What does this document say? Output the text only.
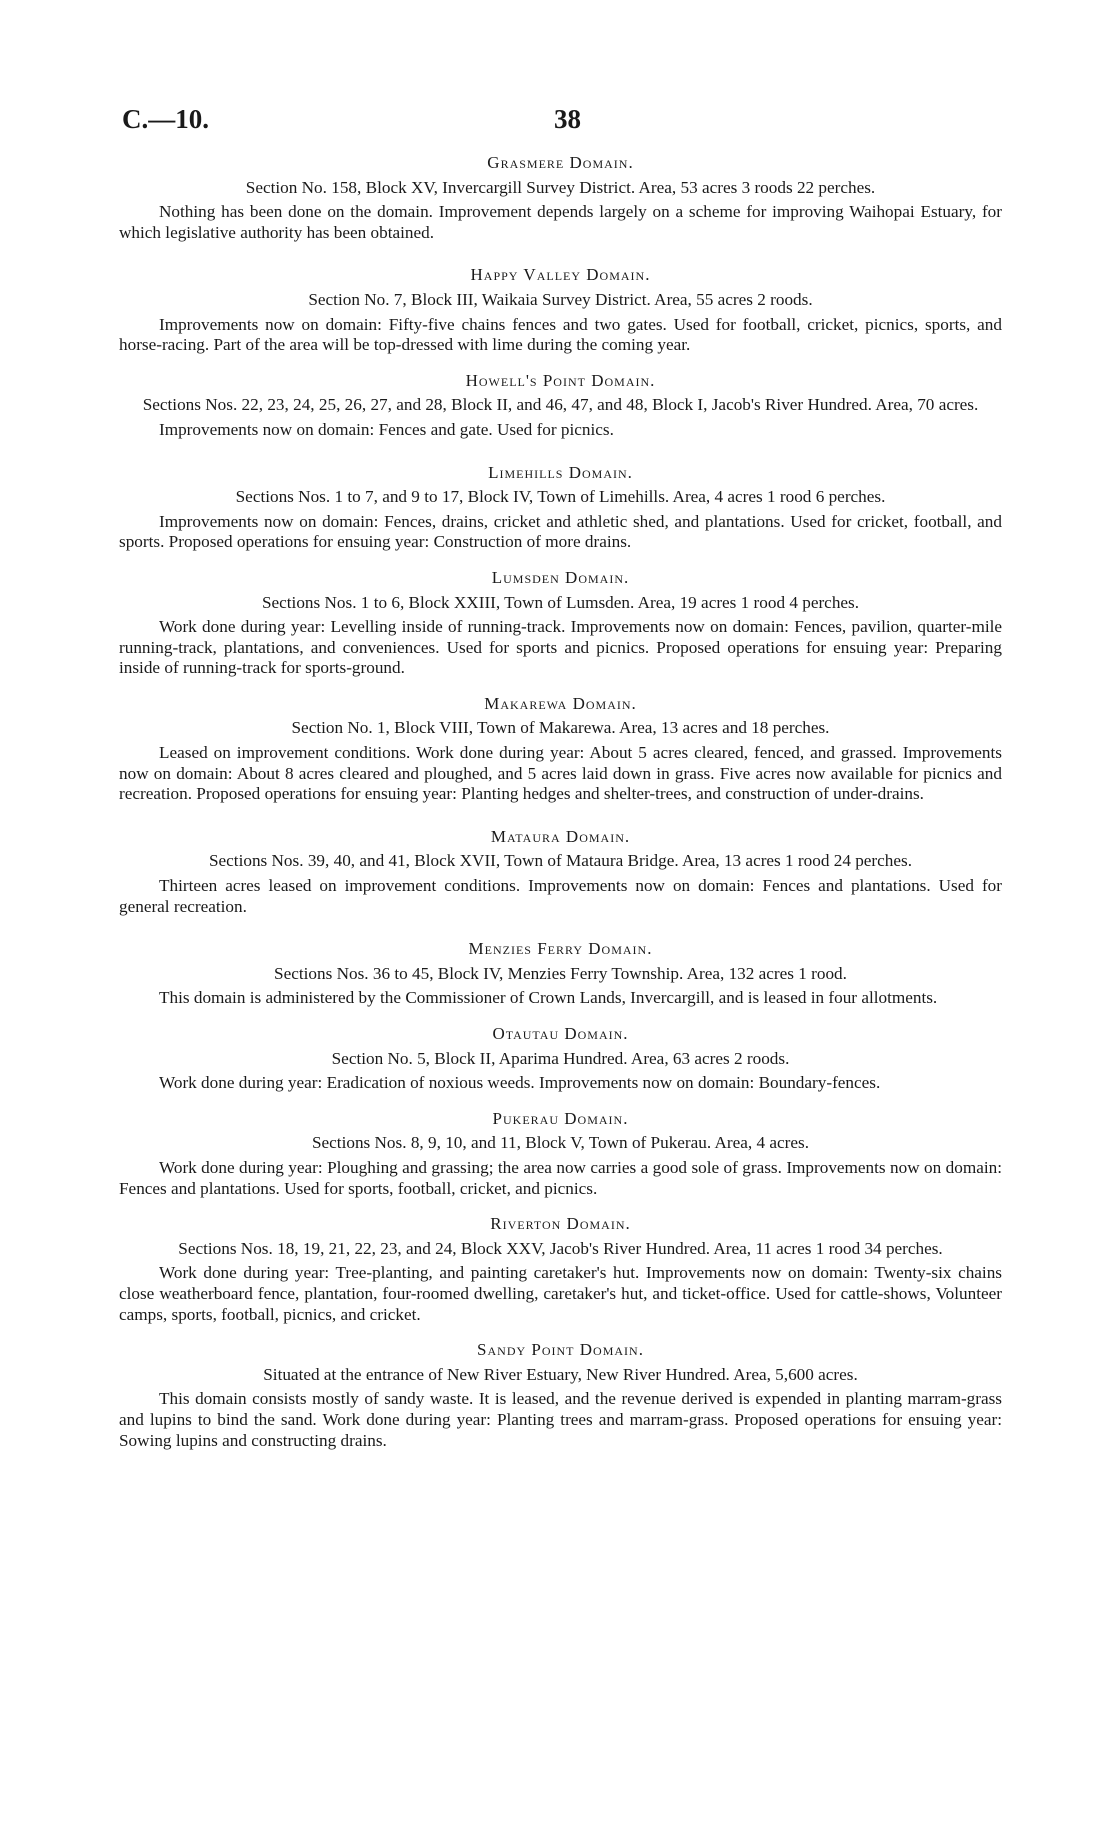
C.—10.	38
Grasmere Domain.

Section No. 158, Block XV, Invercargill Survey District. Area, 53 acres 3 roods 22 perches.

Nothing has been done on the domain. Improvement depends largely on a scheme for improving Waihopai Estuary, for which legislative authority has been obtained.

Happy Valley Domain.

Section No. 7, Block III, Waikaia Survey District. Area, 55 acres 2 roods.

Improvements now on domain: Fifty-five chains fences and two gates. Used for football, cricket, picnics, sports, and horse-racing. Part of the area will be top-dressed with lime during the coming year.

Howell's Point Domain.

Sections Nos. 22, 23, 24, 25, 26, 27, and 28, Block II, and 46, 47, and 48, Block I, Jacob's River Hundred. Area, 70 acres.

Improvements now on domain: Fences and gate. Used for picnics.

Limehills Domain.

Sections Nos. 1 to 7, and 9 to 17, Block IV, Town of Limehills. Area, 4 acres 1 rood 6 perches.

Improvements now on domain: Fences, drains, cricket and athletic shed, and plantations. Used for cricket, football, and sports. Proposed operations for ensuing year: Construction of more drains.

Lumsden Domain.

Sections Nos. 1 to 6, Block XXIII, Town of Lumsden. Area, 19 acres 1 rood 4 perches.

Work done during year: Levelling inside of running-track. Improvements now on domain: Fences, pavilion, quarter-mile running-track, plantations, and conveniences. Used for sports and picnics. Proposed operations for ensuing year: Preparing inside of running-track for sports-ground.

Makarewa Domain.

Section No. 1, Block VIII, Town of Makarewa. Area, 13 acres and 18 perches.

Leased on improvement conditions. Work done during year: About 5 acres cleared, fenced, and grassed. Improvements now on domain: About 8 acres cleared and ploughed, and 5 acres laid down in grass. Five acres now available for picnics and recreation. Proposed operations for ensuing year: Planting hedges and shelter-trees, and construction of under-drains.

Mataura Domain.

Sections Nos. 39, 40, and 41, Block XVII, Town of Mataura Bridge. Area, 13 acres 1 rood 24 perches.

Thirteen acres leased on improvement conditions. Improvements now on domain: Fences and plantations. Used for general recreation.

Menzies Ferry Domain.

Sections Nos. 36 to 45, Block IV, Menzies Ferry Township. Area, 132 acres 1 rood.

This domain is administered by the Commissioner of Crown Lands, Invercargill, and is leased in four allotments.

Otautau Domain.

Section No. 5, Block II, Aparima Hundred. Area, 63 acres 2 roods.

Work done during year: Eradication of noxious weeds. Improvements now on domain: Boundary-fences.

Pukerau Domain.

Sections Nos. 8, 9, 10, and 11, Block V, Town of Pukerau. Area, 4 acres.

Work done during year: Ploughing and grassing; the area now carries a good sole of grass. Improvements now on domain: Fences and plantations. Used for sports, football, cricket, and picnics.

Riverton Domain.

Sections Nos. 18, 19, 21, 22, 23, and 24, Block XXV, Jacob's River Hundred. Area, 11 acres 1 rood 34 perches.

Work done during year: Tree-planting, and painting caretaker's hut. Improvements now on domain: Twenty-six chains close weatherboard fence, plantation, four-roomed dwelling, caretaker's hut, and ticket-office. Used for cattle-shows, Volunteer camps, sports, football, picnics, and cricket.

Sandy Point Domain.

Situated at the entrance of New River Estuary, New River Hundred. Area, 5,600 acres.

This domain consists mostly of sandy waste. It is leased, and the revenue derived is expended in planting marram-grass and lupins to bind the sand. Work done during year: Planting trees and marram-grass. Proposed operations for ensuing year: Sowing lupins and constructing drains.
